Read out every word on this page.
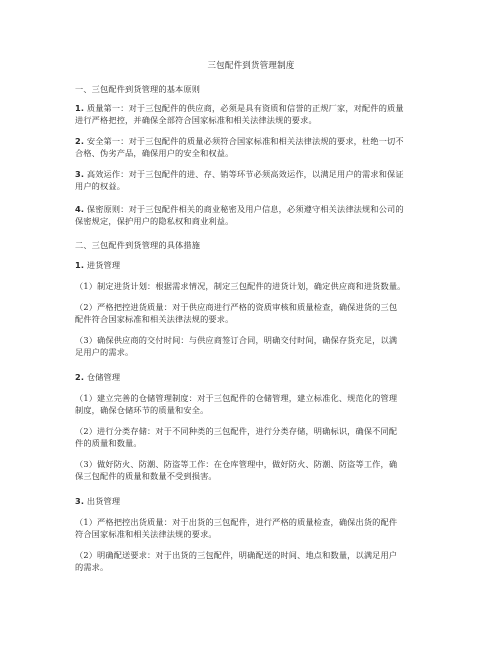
三包配件到货管理制度
一、三包配件到货管理的基本原则
1. 质量第一：对于三包配件的供应商，必须是具有资质和信誉的正规厂家，对配件的质量
进行严格把控，并确保全部符合国家标准和相关法律法规的要求。
2. 安全第一：对于三包配件的质量必须符合国家标准和相关法律法规的要求，杜绝一切不
合格、伪劣产品，确保用户的安全和权益。
3. 高效运作：对于三包配件的进、存、销等环节必须高效运作，以满足用户的需求和保证
用户的权益。
4. 保密原则：对于三包配件相关的商业秘密及用户信息，必须遵守相关法律法规和公司的
保密规定，保护用户的隐私权和商业利益。
二、三包配件到货管理的具体措施
1. 进货管理
（1）制定进货计划：根据需求情况，制定三包配件的进货计划，确定供应商和进货数量。
（2）严格把控进货质量：对于供应商进行严格的资质审核和质量检查，确保进货的三包
配件符合国家标准和相关法律法规的要求。
（3）确保供应商的交付时间：与供应商签订合同，明确交付时间，确保存货充足，以满
足用户的需求。
2. 仓储管理
（1）建立完善的仓储管理制度：对于三包配件的仓储管理，建立标准化、规范化的管理
制度，确保仓储环节的质量和安全。
（2）进行分类存储：对于不同种类的三包配件，进行分类存储，明确标识，确保不同配
件的质量和数量。
（3）做好防火、防潮、防盗等工作：在仓库管理中，做好防火、防潮、防盗等工作，确
保三包配件的质量和数量不受到损害。
3. 出货管理
（1）严格把控出货质量：对于出货的三包配件，进行严格的质量检查，确保出货的配件
符合国家标准和相关法律法规的要求。
（2）明确配送要求：对于出货的三包配件，明确配送的时间、地点和数量，以满足用户
的需求。
